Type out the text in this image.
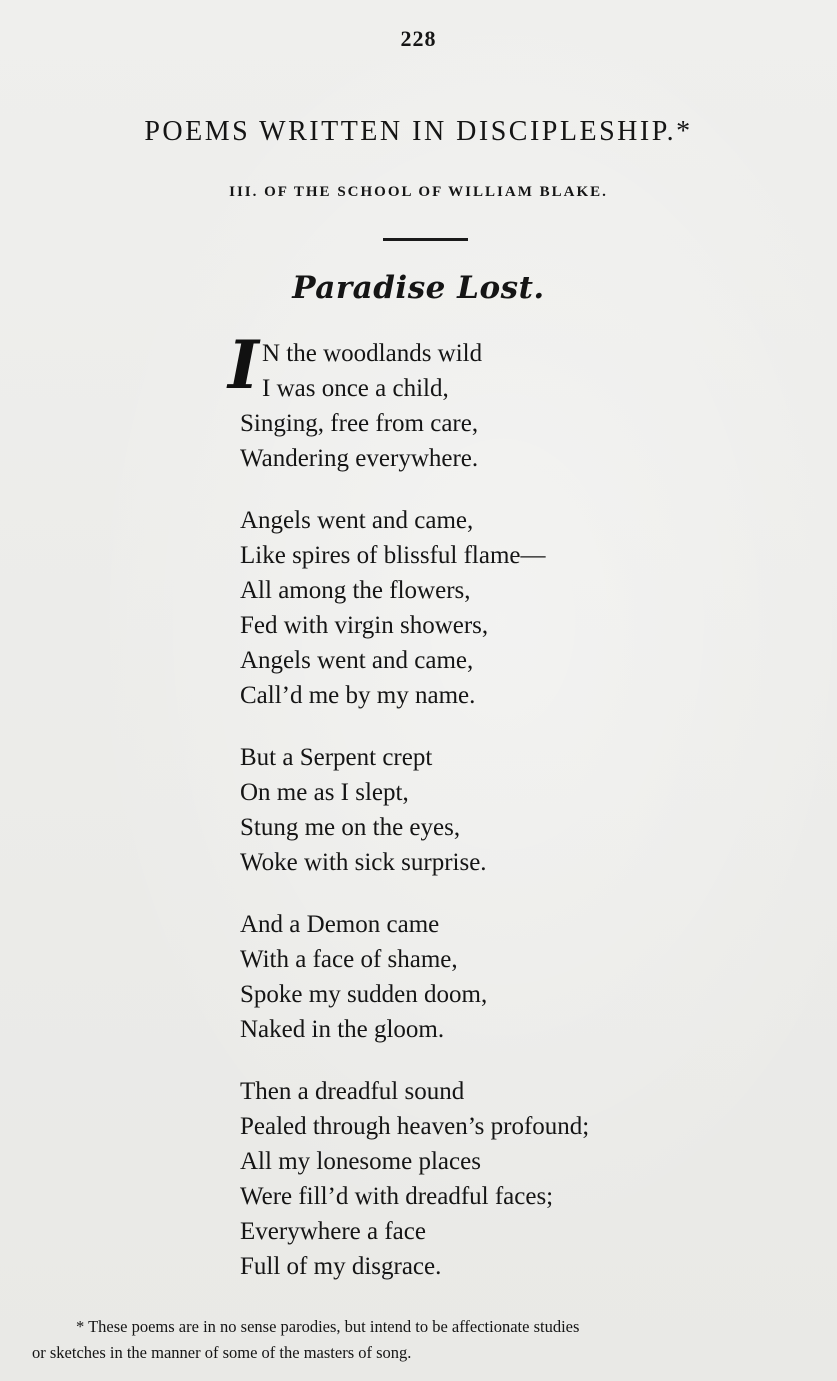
228
POEMS WRITTEN IN DISCIPLESHIP.*
III. OF THE SCHOOL OF WILLIAM BLAKE.
Paradise Lost.
I N the woodlands wild
I was once a child,
Singing, free from care,
Wandering everywhere.
Angels went and came,
Like spires of blissful flame—
All among the flowers,
Fed with virgin showers,
Angels went and came,
Call’d me by my name.
But a Serpent crept
On me as I slept,
Stung me on the eyes,
Woke with sick surprise.
And a Demon came
With a face of shame,
Spoke my sudden doom,
Naked in the gloom.
Then a dreadful sound
Pealed through heaven’s profound;
All my lonesome places
Were fill’d with dreadful faces;
Everywhere a face
Full of my disgrace.
* These poems are in no sense parodies, but intend to be affectionate studies
or sketches in the manner of some of the masters of song.
